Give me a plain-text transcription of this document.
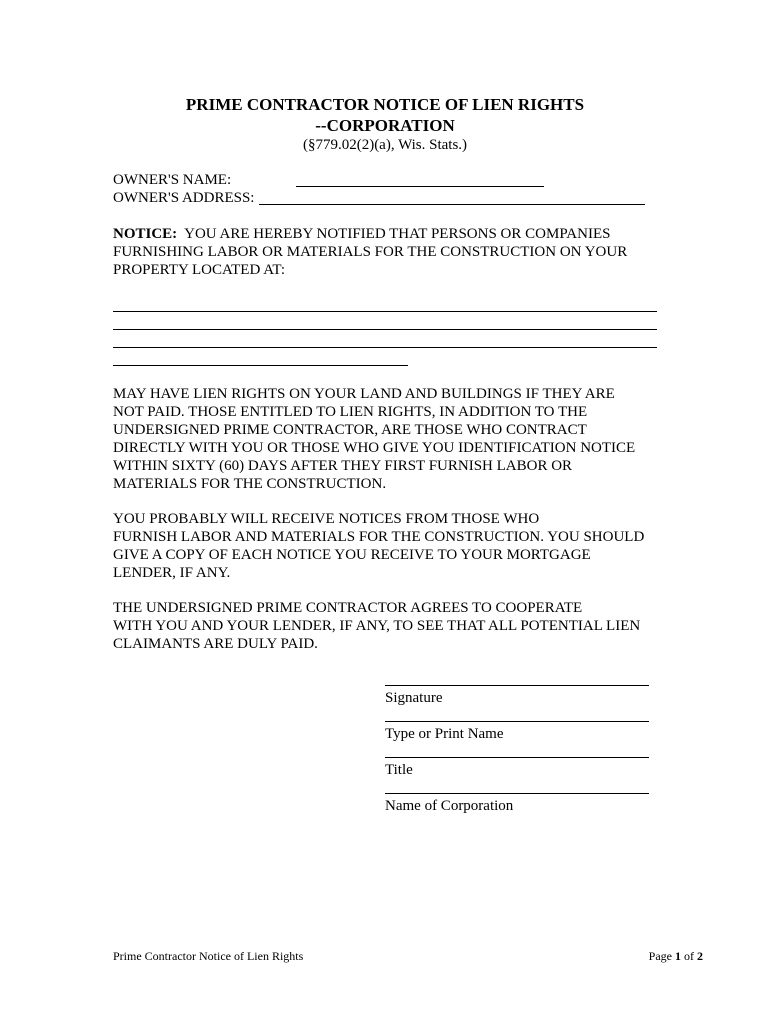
PRIME CONTRACTOR NOTICE OF LIEN RIGHTS
--CORPORATION
(§779.02(2)(a), Wis. Stats.)
OWNER'S NAME:
OWNER'S ADDRESS:
NOTICE: YOU ARE HEREBY NOTIFIED THAT PERSONS OR COMPANIES
FURNISHING LABOR OR MATERIALS FOR THE CONSTRUCTION ON YOUR
PROPERTY LOCATED AT:
MAY HAVE LIEN RIGHTS ON YOUR LAND AND BUILDINGS IF THEY ARE
NOT PAID. THOSE ENTITLED TO LIEN RIGHTS, IN ADDITION TO THE
UNDERSIGNED PRIME CONTRACTOR, ARE THOSE WHO CONTRACT
DIRECTLY WITH YOU OR THOSE WHO GIVE YOU IDENTIFICATION NOTICE
WITHIN SIXTY (60) DAYS AFTER THEY FIRST FURNISH LABOR OR
MATERIALS FOR THE CONSTRUCTION.
YOU PROBABLY WILL RECEIVE NOTICES FROM THOSE WHO
FURNISH LABOR AND MATERIALS FOR THE CONSTRUCTION. YOU SHOULD
GIVE A COPY OF EACH NOTICE YOU RECEIVE TO YOUR MORTGAGE
LENDER, IF ANY.
THE UNDERSIGNED PRIME CONTRACTOR AGREES TO COOPERATE
WITH YOU AND YOUR LENDER, IF ANY, TO SEE THAT ALL POTENTIAL LIEN
CLAIMANTS ARE DULY PAID.
Signature
Type or Print Name
Title
Name of Corporation
Prime Contractor Notice of Lien Rights	Page 1 of 2
